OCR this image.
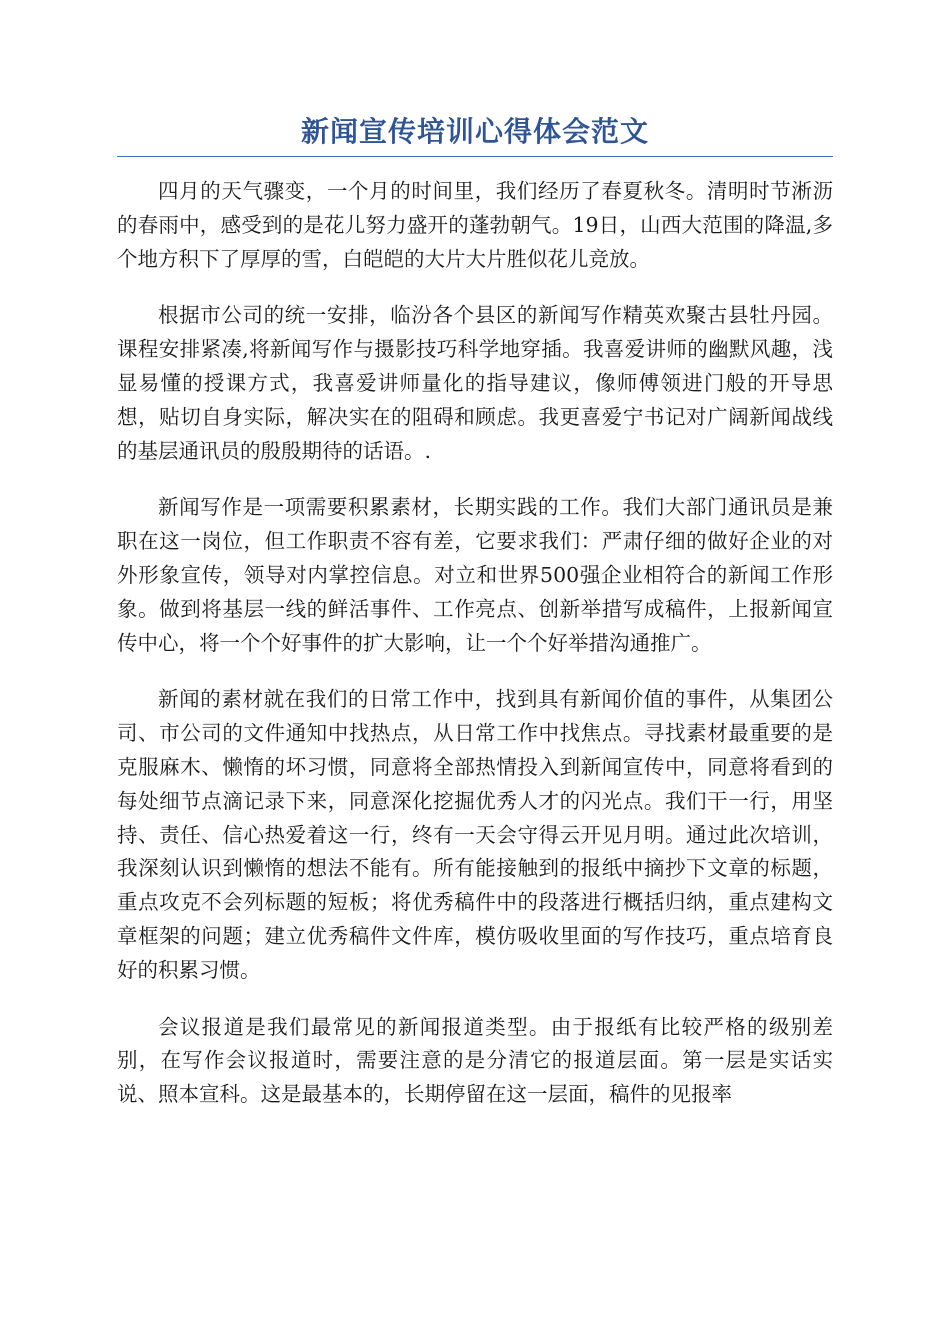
新闻宣传培训心得体会范文

四月的天气骤变，一个月的时间里，我们经历了春夏秋冬。清明时节淅沥的春雨中，感受到的是花儿努力盛开的蓬勃朝气。19日，山西大范围的降温,多个地方积下了厚厚的雪，白皑皑的大片大片胜似花儿竞放。

根据市公司的统一安排，临汾各个县区的新闻写作精英欢聚古县牡丹园。课程安排紧凑,将新闻写作与摄影技巧科学地穿插。我喜爱讲师的幽默风趣，浅显易懂的授课方式，我喜爱讲师量化的指导建议，像师傅领进门般的开导思想，贴切自身实际，解决实在的阻碍和顾虑。我更喜爱宁书记对广阔新闻战线的基层通讯员的殷殷期待的话语。.

新闻写作是一项需要积累素材，长期实践的工作。我们大部门通讯员是兼职在这一岗位，但工作职责不容有差，它要求我们：严肃仔细的做好企业的对外形象宣传，领导对内掌控信息。对立和世界500强企业相符合的新闻工作形象。做到将基层一线的鲜活事件、工作亮点、创新举措写成稿件，上报新闻宣传中心，将一个个好事件的扩大影响，让一个个好举措沟通推广。

新闻的素材就在我们的日常工作中，找到具有新闻价值的事件，从集团公司、市公司的文件通知中找热点，从日常工作中找焦点。寻找素材最重要的是克服麻木、懒惰的坏习惯，同意将全部热情投入到新闻宣传中，同意将看到的每处细节点滴记录下来，同意深化挖掘优秀人才的闪光点。我们干一行，用坚持、责任、信心热爱着这一行，终有一天会守得云开见月明。通过此次培训，我深刻认识到懒惰的想法不能有。所有能接触到的报纸中摘抄下文章的标题，重点攻克不会列标题的短板；将优秀稿件中的段落进行概括归纳，重点建构文章框架的问题；建立优秀稿件文件库，模仿吸收里面的写作技巧，重点培育良好的积累习惯。

会议报道是我们最常见的新闻报道类型。由于报纸有比较严格的级别差别，在写作会议报道时，需要注意的是分清它的报道层面。第一层是实话实说、照本宣科。这是最基本的，长期停留在这一层面，稿件的见报率
